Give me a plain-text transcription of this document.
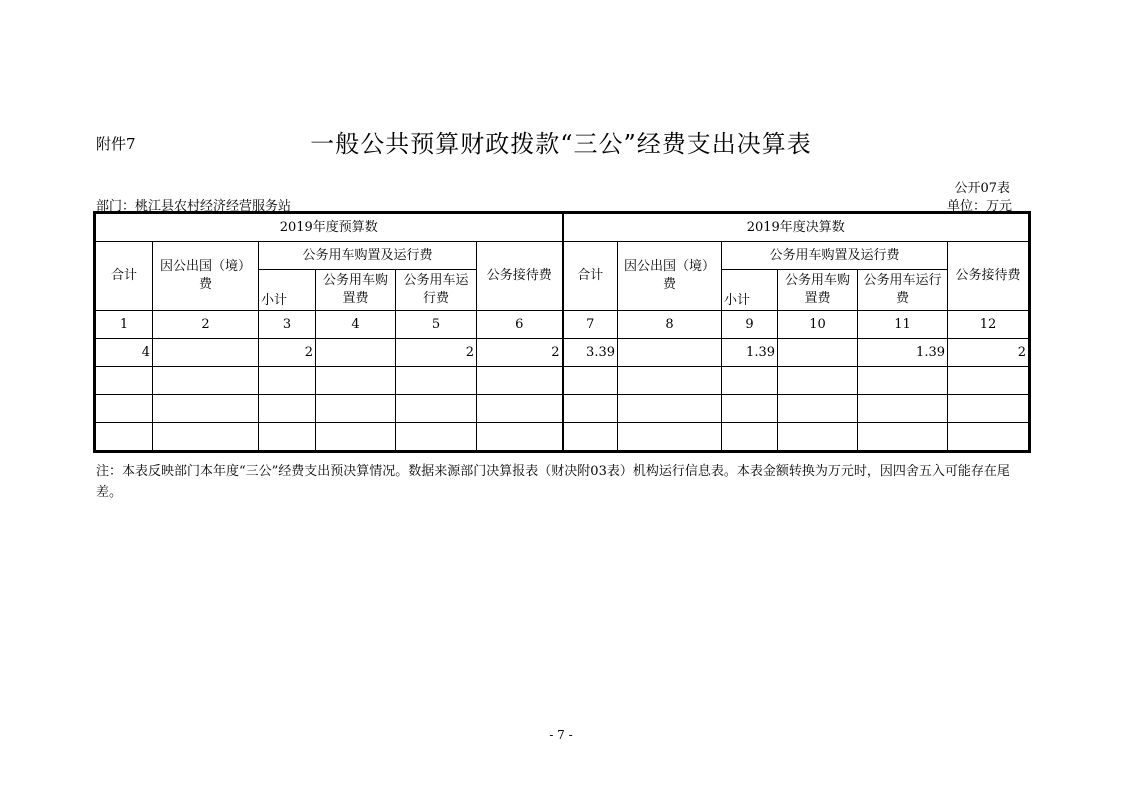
附件7	一般公共预算财政拨款“三公”经费支出决算表
公开07表
部门：桃江县农村经济经营服务站	单位：万元
2019年度预算数						2019年度决算数					
合计	因公出国（境）费	公务用车购置及运行费			公务接待费	合计	因公出国（境）费	公务用车购置及运行费			公务接待费
		小计	公务用车购置费	公务用车运行费				小计	公务用车购置费	公务用车运行费	
1	2	3	4	5	6	7	8	9	10	11	12
4		2		2	2	3.39		1.39		1.39	2

注：本表反映部门本年度“三公”经费支出预决算情况。数据来源部门决算报表（财决附03表）机构运行信息表。本表金额转换为万元时，因四舍五入可能存在尾差。
- 7 -
